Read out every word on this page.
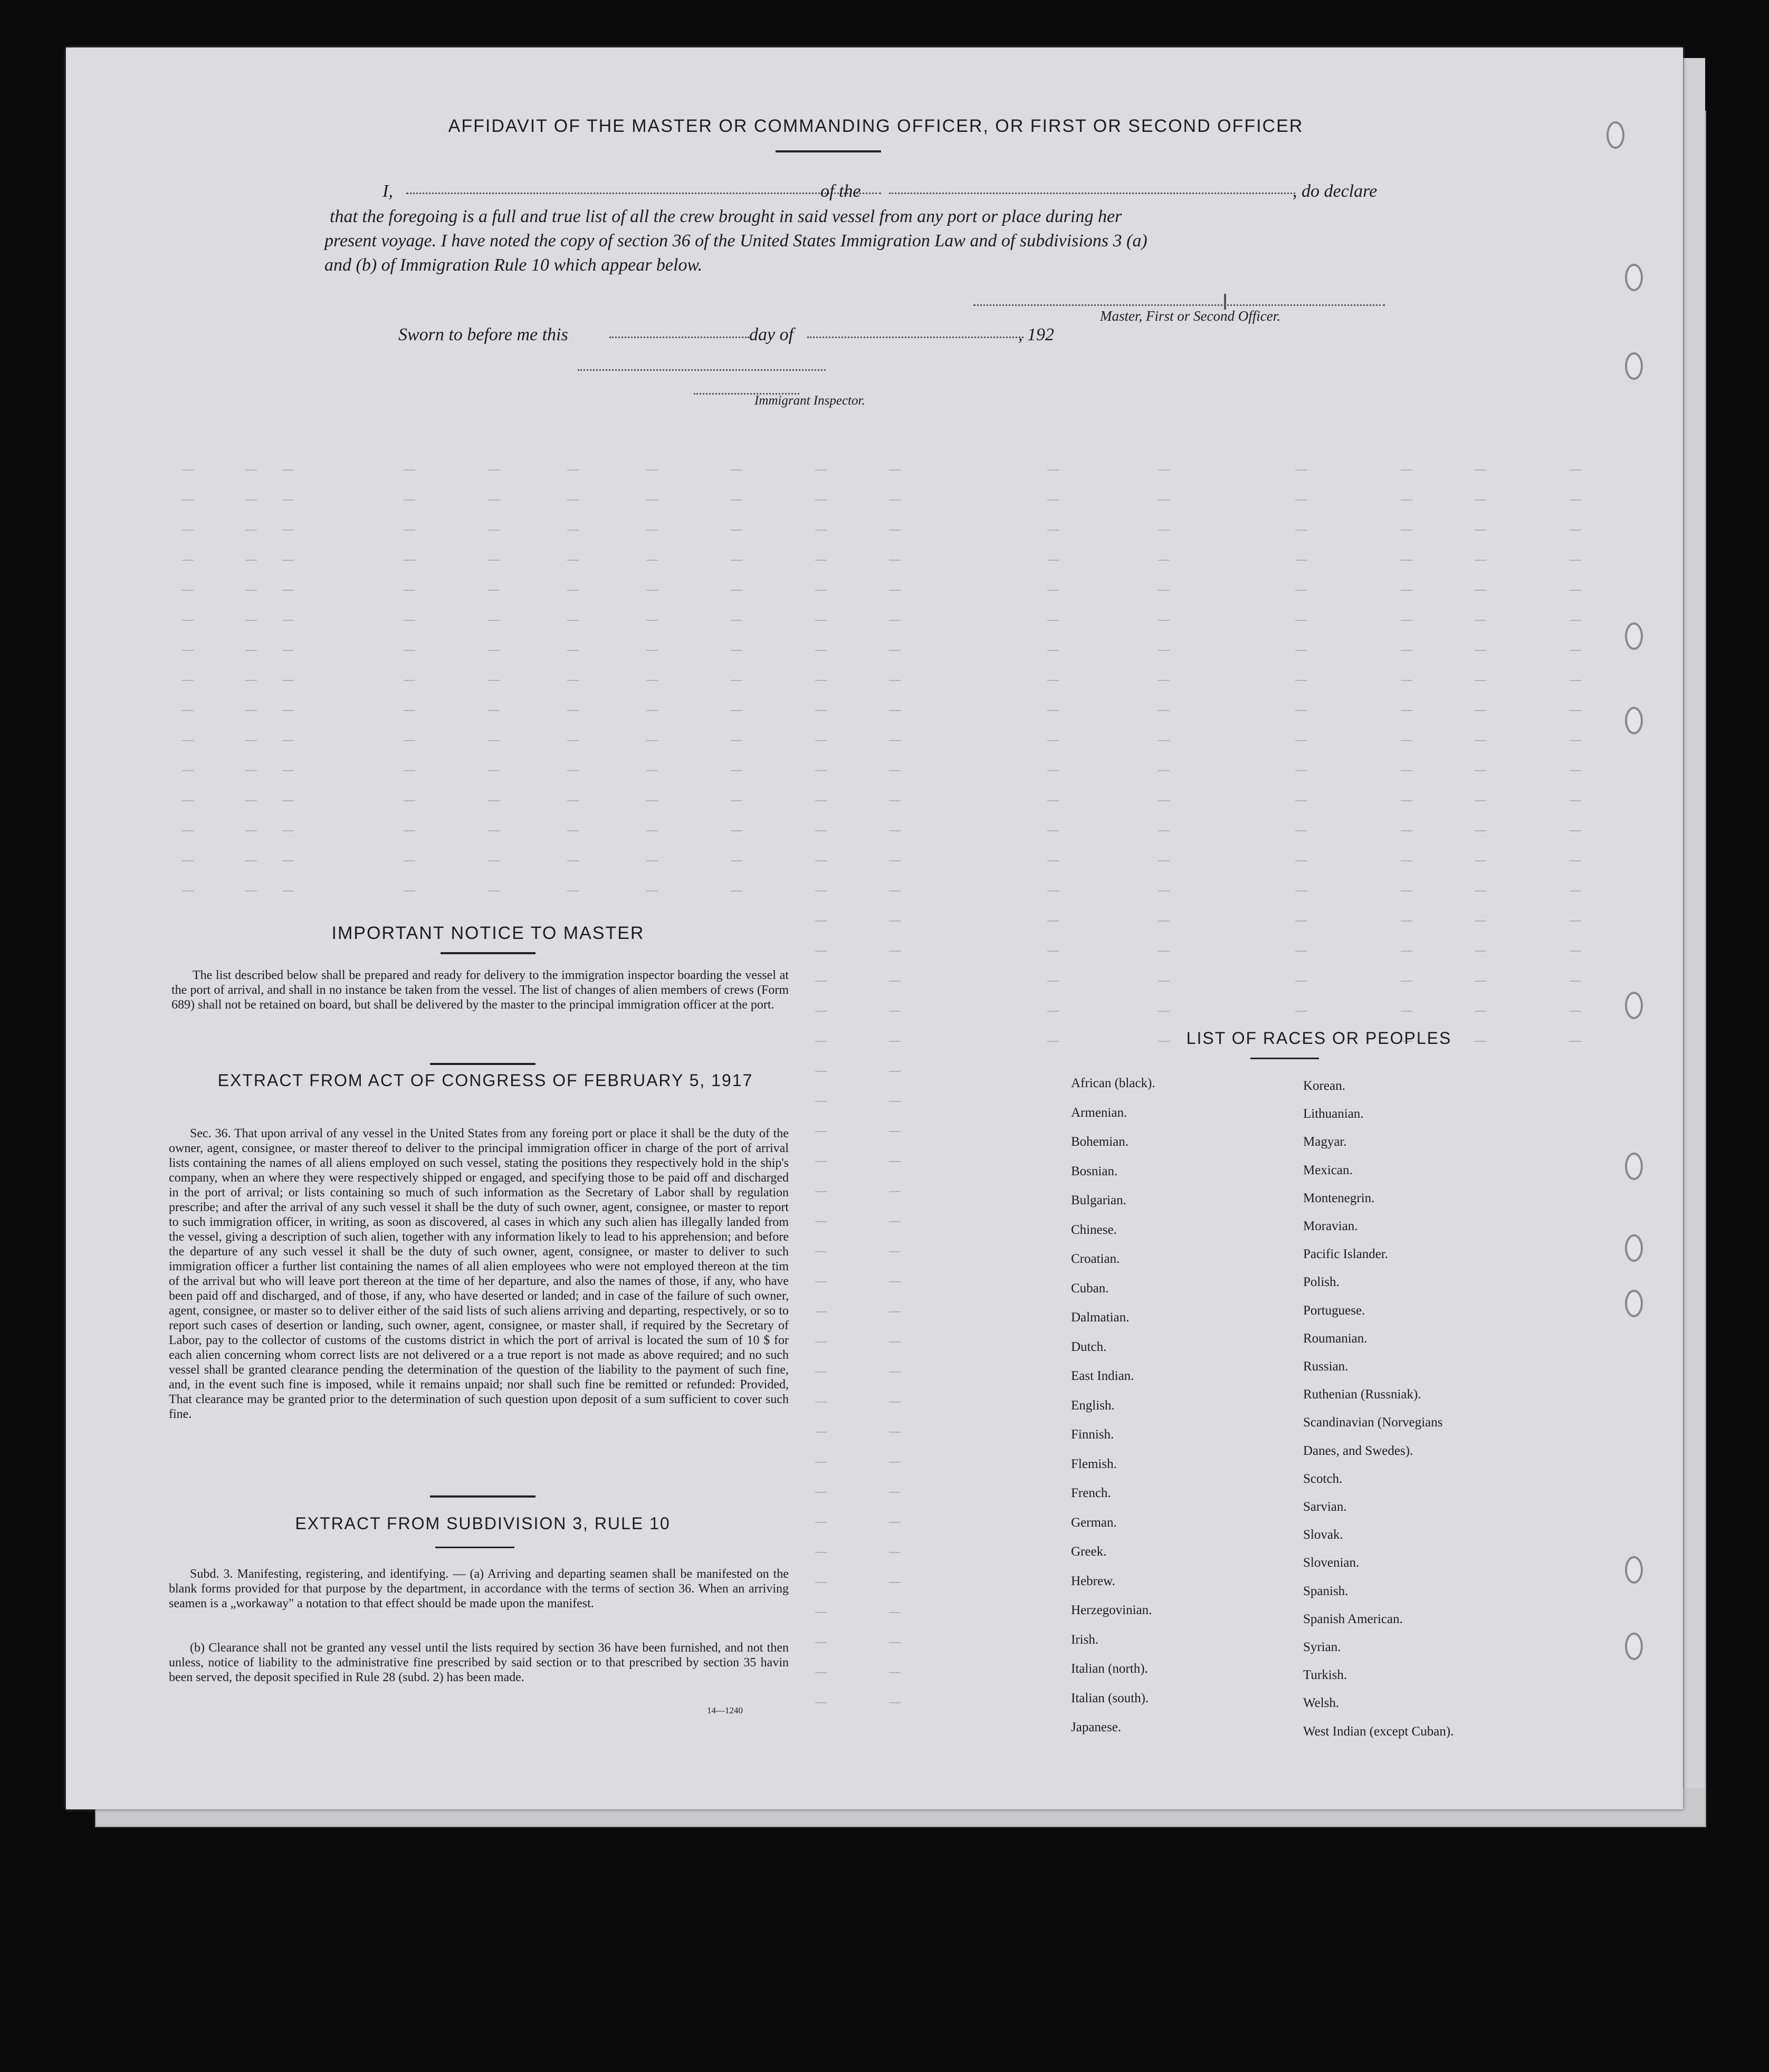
AFFIDAVIT OF THE MASTER OR COMMANDING OFFICER, OR FIRST OR SECOND OFFICER
I,	of the	, do declare
that the foregoing is a full and true list of all the crew brought in said vessel from any port or place during her
present voyage. I have noted the copy of section 36 of the United States Immigration Law and of subdivisions 3 (a)
and (b) of Immigration Rule 10 which appear below.
Master, First or Second Officer.
Sworn to before me this	day of	, 192
Immigrant Inspector.
IMPORTANT NOTICE TO MASTER
The list described below shall be prepared and ready for delivery to the immigration inspector boarding the vessel at the port of arrival, and shall in no instance be taken from the vessel. The list of changes of alien members of crews (Form 689) shall not be retained on board, but shall be delivered by the master to the principal immigration officer at the port.
EXTRACT FROM ACT OF CONGRESS OF FEBRUARY 5, 1917
Sec. 36. That upon arrival of any vessel in the United States from any foreing port or place it shall be the duty of the owner, agent, consignee, or master thereof to deliver to the principal immigration officer in charge of the port of arrival lists containing the names of all aliens employed on such vessel, stating the positions they respectively hold in the ship's company, when an where they were respectively shipped or engaged, and specifying those to be paid off and discharged in the port of arrival; or lists containing so much of such information as the Secretary of Labor shall by regulation prescribe; and after the arrival of any such vessel it shall be the duty of such owner, agent, consignee, or master to report to such immigration officer, in writing, as soon as discovered, al cases in which any such alien has illegally landed from the vessel, giving a description of such alien, together with any information likely to lead to his apprehension; and before the departure of any such vessel it shall be the duty of such owner, agent, consignee, or master to deliver to such immigration officer a further list containing the names of all alien employees who were not employed thereon at the tim of the arrival but who will leave port thereon at the time of her departure, and also the names of those, if any, who have been paid off and discharged, and of those, if any, who have deserted or landed; and in case of the failure of such owner, agent, consignee, or master so to deliver either of the said lists of such aliens arriving and departing, respectively, or so to report such cases of desertion or landing, such owner, agent, consignee, or master shall, if required by the Secretary of Labor, pay to the collector of customs of the customs district in which the port of arrival is located the sum of 10 $ for each alien concerning whom correct lists are not delivered or a a true report is not made as above required; and no such vessel shall be granted clearance pending the determination of the question of the liability to the payment of such fine, and, in the event such fine is imposed, while it remains unpaid; nor shall such fine be remitted or refunded: Provided, That clearance may be granted prior to the determination of such question upon deposit of a sum sufficient to cover such fine.
EXTRACT FROM SUBDIVISION 3, RULE 10
Subd. 3. Manifesting, registering, and identifying. — (a) Arriving and departing seamen shall be manifested on the blank forms provided for that purpose by the department, in accordance with the terms of section 36. When an arriving seamen is a „workaway" a notation to that effect should be made upon the manifest.
(b) Clearance shall not be granted any vessel until the lists required by section 36 have been furnished, and not then unless, notice of liability to the administrative fine prescribed by said section or to that prescribed by section 35 havin been served, the deposit specified in Rule 28 (subd. 2) has been made.
14—1240
LIST OF RACES OR PEOPLES
African (black).
Armenian.
Bohemian.
Bosnian.
Bulgarian.
Chinese.
Croatian.
Cuban.
Dalmatian.
Dutch.
East Indian.
English.
Finnish.
Flemish.
French.
German.
Greek.
Hebrew.
Herzegovinian.
Irish.
Italian (north).
Italian (south).
Japanese.
Korean.
Lithuanian.
Magyar.
Mexican.
Montenegrin.
Moravian.
Pacific Islander.
Polish.
Portuguese.
Roumanian.
Russian.
Ruthenian (Russniak).
Scandinavian (Norvegians
Danes, and Swedes).
Scotch.
Sarvian.
Slovak.
Slovenian.
Spanish.
Spanish American.
Syrian.
Turkish.
Welsh.
West Indian (except Cuban).
